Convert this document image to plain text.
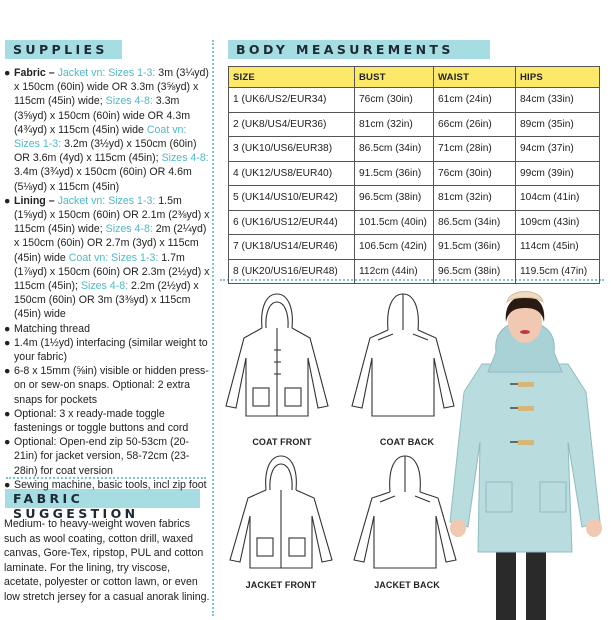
SUPPLIES	BODY MEASUREMENTS
FABRIC SUGGESTION
● Fabric – Jacket vn: Sizes 1-3: 3m (3¼yd) x 150cm (60in) wide OR 3.3m (3⅝yd) x 115cm (45in) wide; Sizes 4-8: 3.3m (3⅝yd) x 150cm (60in) wide OR 4.3m (4¾yd) x 115cm (45in) wide Coat vn: Sizes 1-3: 3.2m (3½yd) x 150cm (60in) OR 3.6m (4yd) x 115cm (45in); Sizes 4-8: 3.4m (3¾yd) x 150cm (60in) OR 4.6m (5⅛yd) x 115cm (45in)
● Lining – Jacket vn: Sizes 1-3: 1.5m (1⅝yd) x 150cm (60in) OR 2.1m (2⅜yd) x 115cm (45in) wide; Sizes 4-8: 2m (2¼yd) x 150cm (60in) OR 2.7m (3yd) x 115cm (45in) wide Coat vn: Sizes 1-3: 1.7m (1⅞yd) x 150cm (60in) OR 2.3m (2½yd) x 115cm (45in); Sizes 4-8: 2.2m (2½yd) x 150cm (60in) OR 3m (3⅜yd) x 115cm (45in) wide
● Matching thread
● 1.4m (1½yd) interfacing (similar weight to your fabric)
● 6-8 x 15mm (⅝in) visible or hidden press-on or sew-on snaps. Optional: 2 extra snaps for pockets
● Optional: 3 x ready-made toggle fastenings or toggle buttons and cord
● Optional: Open-end zip 50-53cm (20-21in) for jacket version, 58-72cm (23-28in) for coat version
● Sewing machine, basic tools, incl zip foot
Medium- to heavy-weight woven fabrics such as wool coating, cotton drill, waxed canvas, Gore-Tex, ripstop, PUL and cotton laminate. For the lining, try viscose, acetate, polyester or cotton lawn, or even low stretch jersey for a casual anorak lining.
SIZE	BUST	WAIST	HIPS
1 (UK6/US2/EUR34)	76cm (30in)	61cm (24in)	84cm (33in)
2 (UK8/US4/EUR36)	81cm (32in)	66cm (26in)	89cm (35in)
3 (UK10/US6/EUR38)	86.5cm (34in)	71cm (28in)	94cm (37in)
4 (UK12/US8/EUR40)	91.5cm (36in)	76cm (30in)	99cm (39in)
5 (UK14/US10/EUR42)	96.5cm (38in)	81cm (32in)	104cm (41in)
6 (UK16/US12/EUR44)	101.5cm (40in)	86.5cm (34in)	109cm (43in)
7 (UK18/US14/EUR46)	106.5cm (42in)	91.5cm (36in)	114cm (45in)
8 (UK20/US16/EUR48)	112cm (44in)	96.5cm (38in)	119.5cm (47in)
COAT FRONT	COAT BACK
JACKET FRONT	JACKET BACK
